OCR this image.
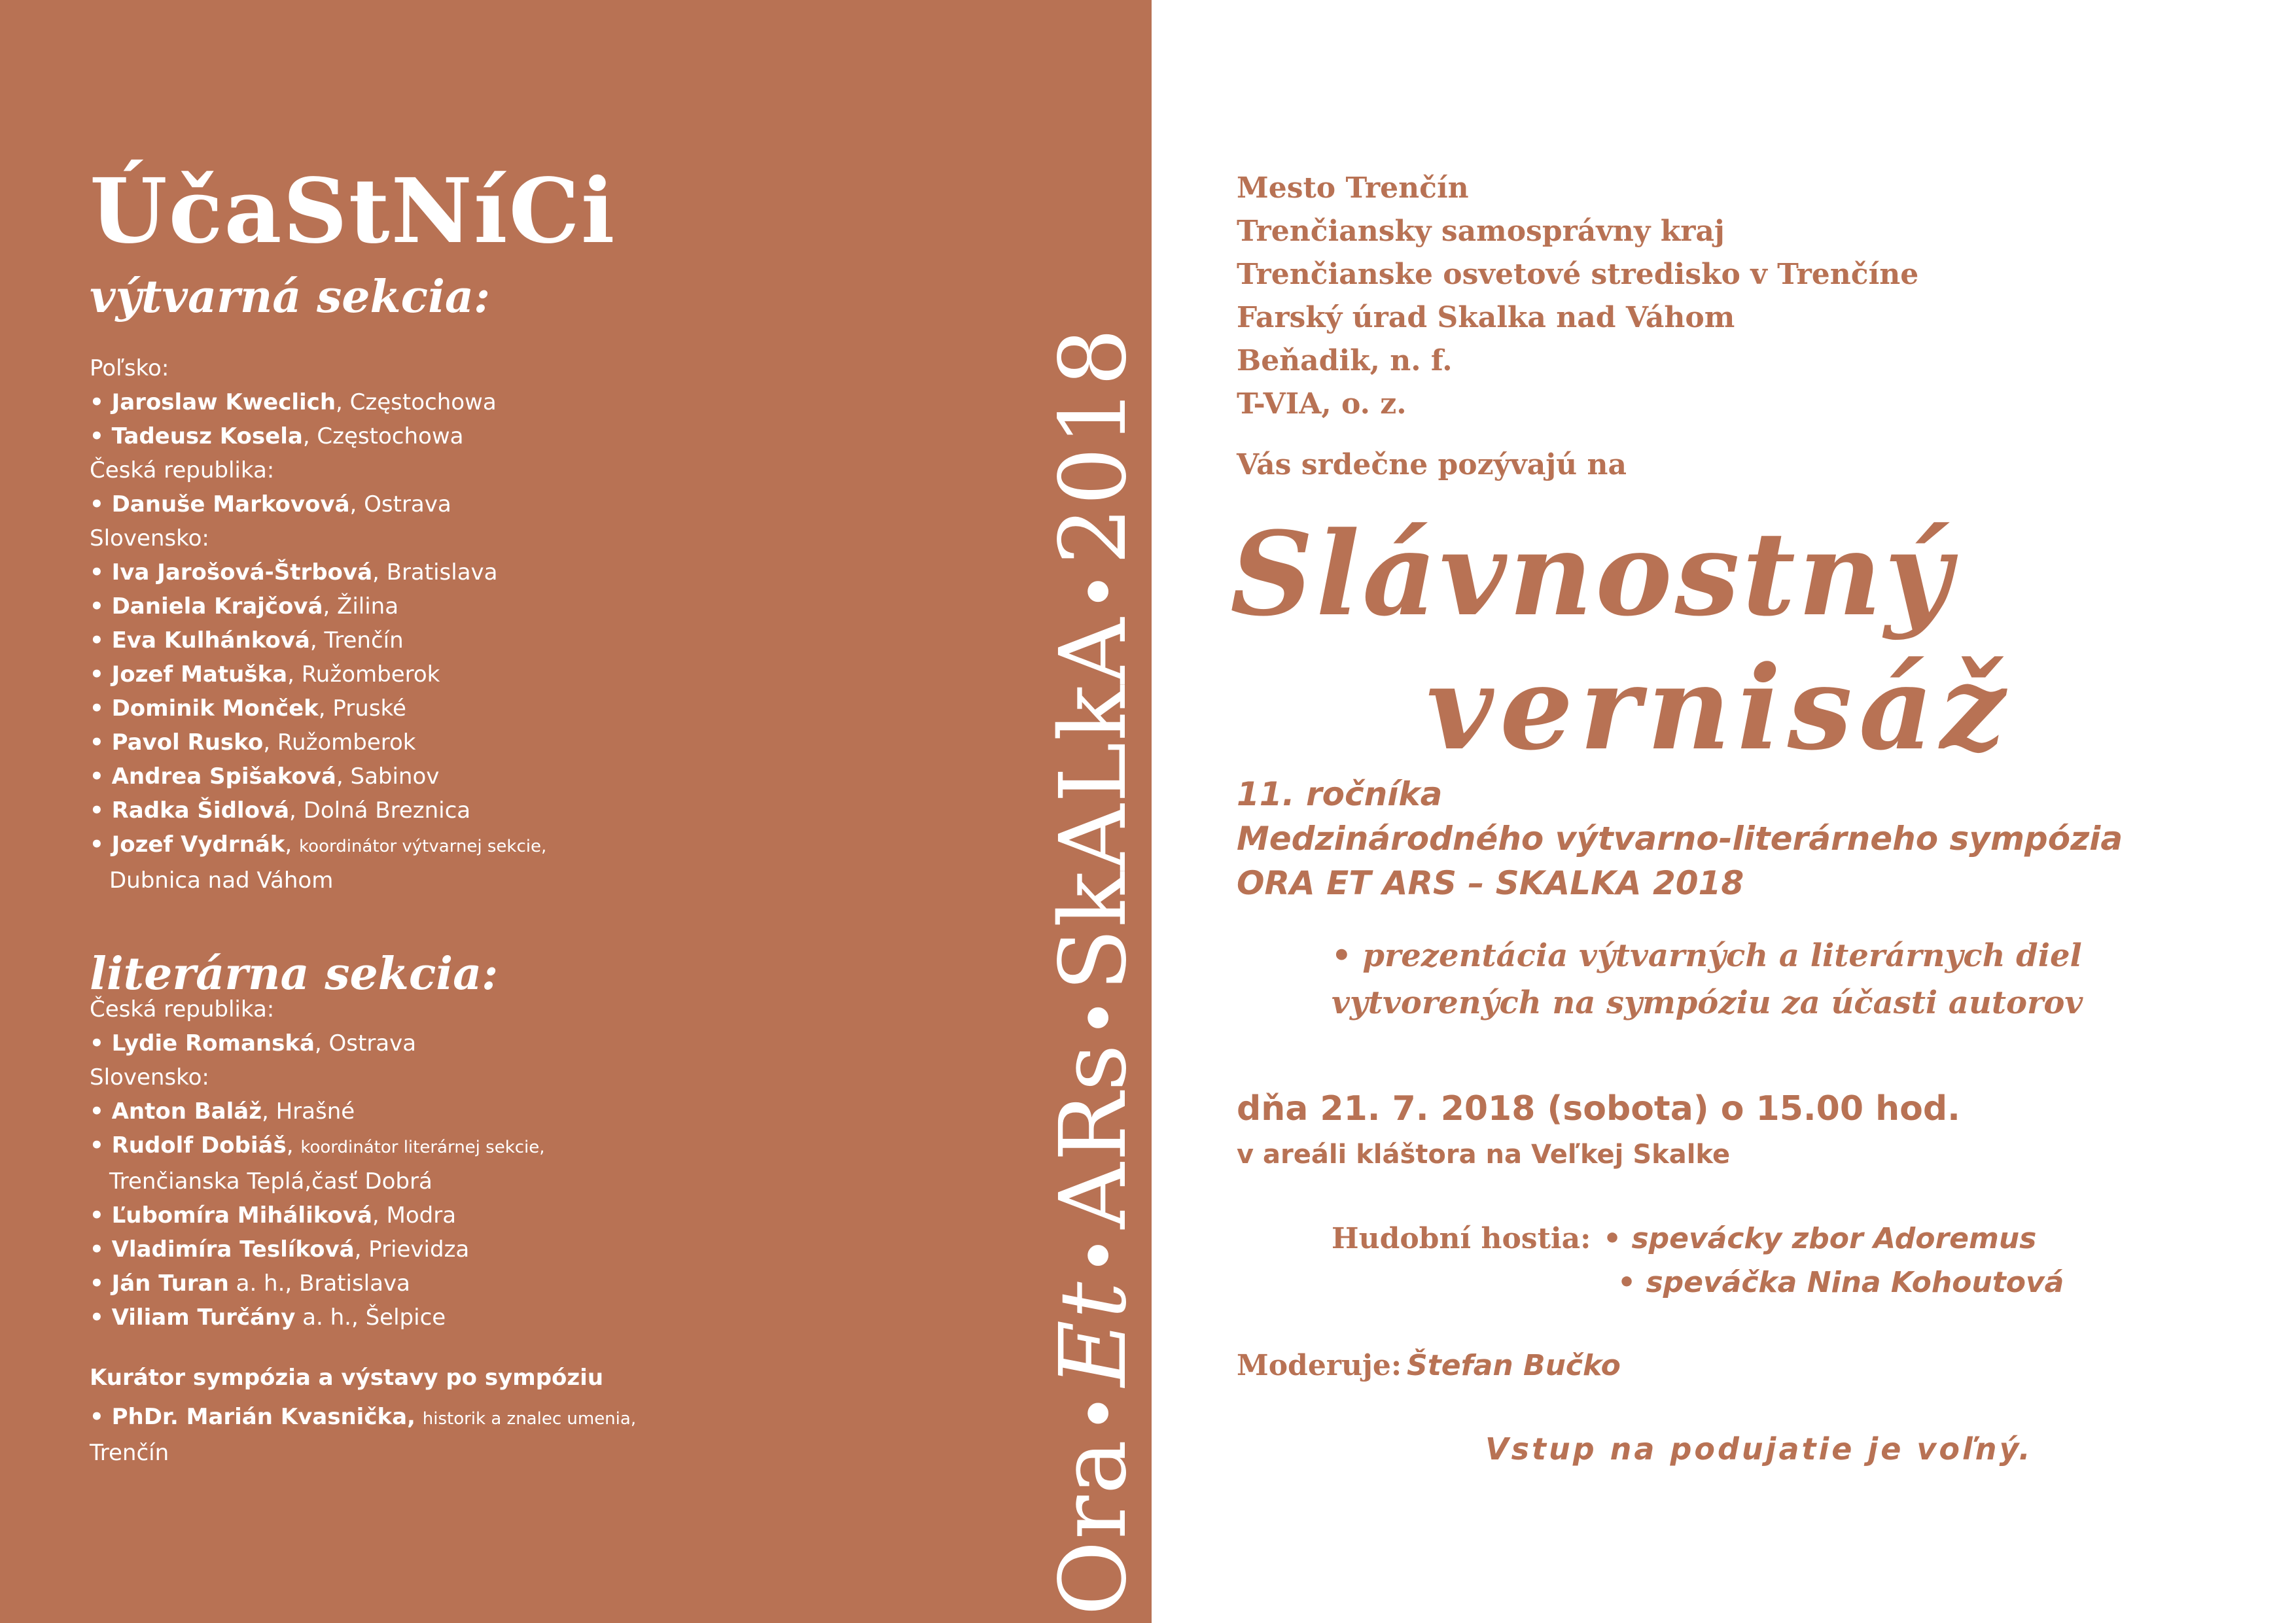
ÚčaStNíCi
výtvarná sekcia:
Poľsko:
• Jaroslaw Kweclich, Częstochowa
• Tadeusz Kosela, Częstochowa
Česká republika:
• Danuše Markovová, Ostrava
Slovensko:
• Iva Jarošová-Štrbová, Bratislava
• Daniela Krajčová, Žilina
• Eva Kulhánková, Trenčín
• Jozef Matuška, Ružomberok
• Dominik Monček, Pruské
• Pavol Rusko, Ružomberok
• Andrea Spišaková, Sabinov
• Radka Šidlová, Dolná Breznica
• Jozef Vydrnák, koordinátor výtvarnej sekcie,
Dubnica nad Váhom
literárna sekcia:
Česká republika:
• Lydie Romanská, Ostrava
Slovensko:
• Anton Baláž, Hrašné
• Rudolf Dobiáš, koordinátor literárnej sekcie,
Trenčianska Teplá,časť Dobrá
• Ľubomíra Miháliková, Modra
• Vladimíra Teslíková, Prievidza
• Ján Turan a. h., Bratislava
• Viliam Turčány a. h., Šelpice

Kurátor sympózia a výstavy po sympóziu

• PhDr. Marián Kvasnička, historik a znalec umenia,
Trenčín	Ora•Et•ARs•SkALkA•2018
Mesto Trenčín
Trenčiansky samosprávny kraj
Trenčianske osvetové stredisko v Trenčíne
Farský úrad Skalka nad Váhom
Beňadik, n. f.
T-VIA, o. z.

Vás srdečne pozývajú na

Slávnostný
vernisáž
11. ročníka
Medzinárodného výtvarno-literárneho sympózia
ORA ET ARS – SKALKA 2018

• prezentácia výtvarných a literárnych diel vytvorených na sympóziu za účasti autorov

dňa 21. 7. 2018 (sobota) o 15.00 hod.

v areáli kláštora na Veľkej Skalke

Hudobní hostia: • spevácky zbor Adoremus

• speváčka Nina Kohoutová

Moderuje: Štefan Bučko

Vstup na podujatie je voľný.
